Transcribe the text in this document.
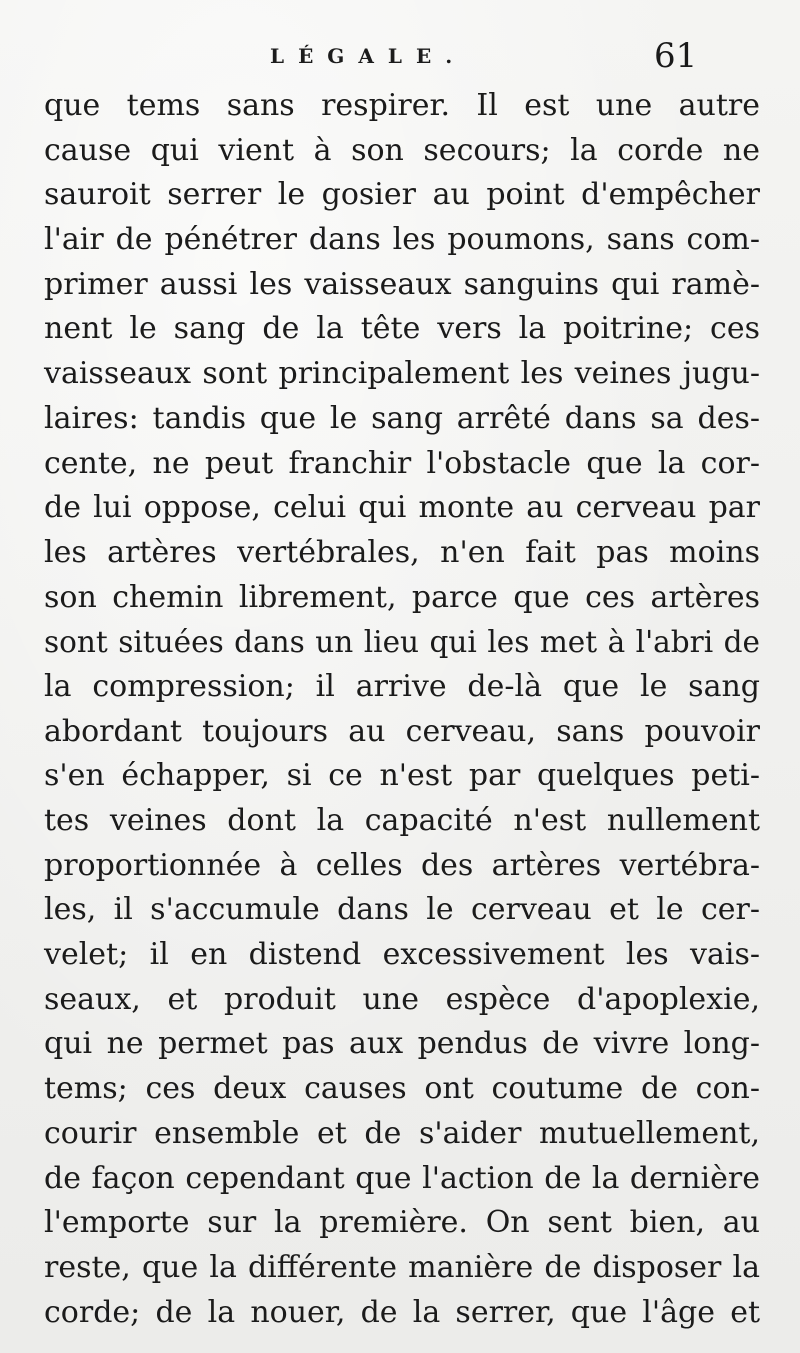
LÉGALE.	61
que tems sans respirer. Il est une autre
cause qui vient à son secours; la corde ne
sauroit serrer le gosier au point d'empêcher
l'air de pénétrer dans les poumons, sans com-
primer aussi les vaisseaux sanguins qui ramè-
nent le sang de la tête vers la poitrine; ces
vaisseaux sont principalement les veines jugu-
laires: tandis que le sang arrêté dans sa des-
cente, ne peut franchir l'obstacle que la cor-
de lui oppose, celui qui monte au cerveau par
les artères vertébrales, n'en fait pas moins
son chemin librement, parce que ces artères
sont situées dans un lieu qui les met à l'abri de
la compression; il arrive de-là que le sang
abordant toujours au cerveau, sans pouvoir
s'en échapper, si ce n'est par quelques peti-
tes veines dont la capacité n'est nullement
proportionnée à celles des artères vertébra-
les, il s'accumule dans le cerveau et le cer-
velet; il en distend excessivement les vais-
seaux, et produit une espèce d'apoplexie,
qui ne permet pas aux pendus de vivre long-
tems; ces deux causes ont coutume de con-
courir ensemble et de s'aider mutuellement,
de façon cependant que l'action de la dernière
l'emporte sur la première. On sent bien, au
reste, que la différente manière de disposer la
corde; de la nouer, de la serrer, que l'âge et
